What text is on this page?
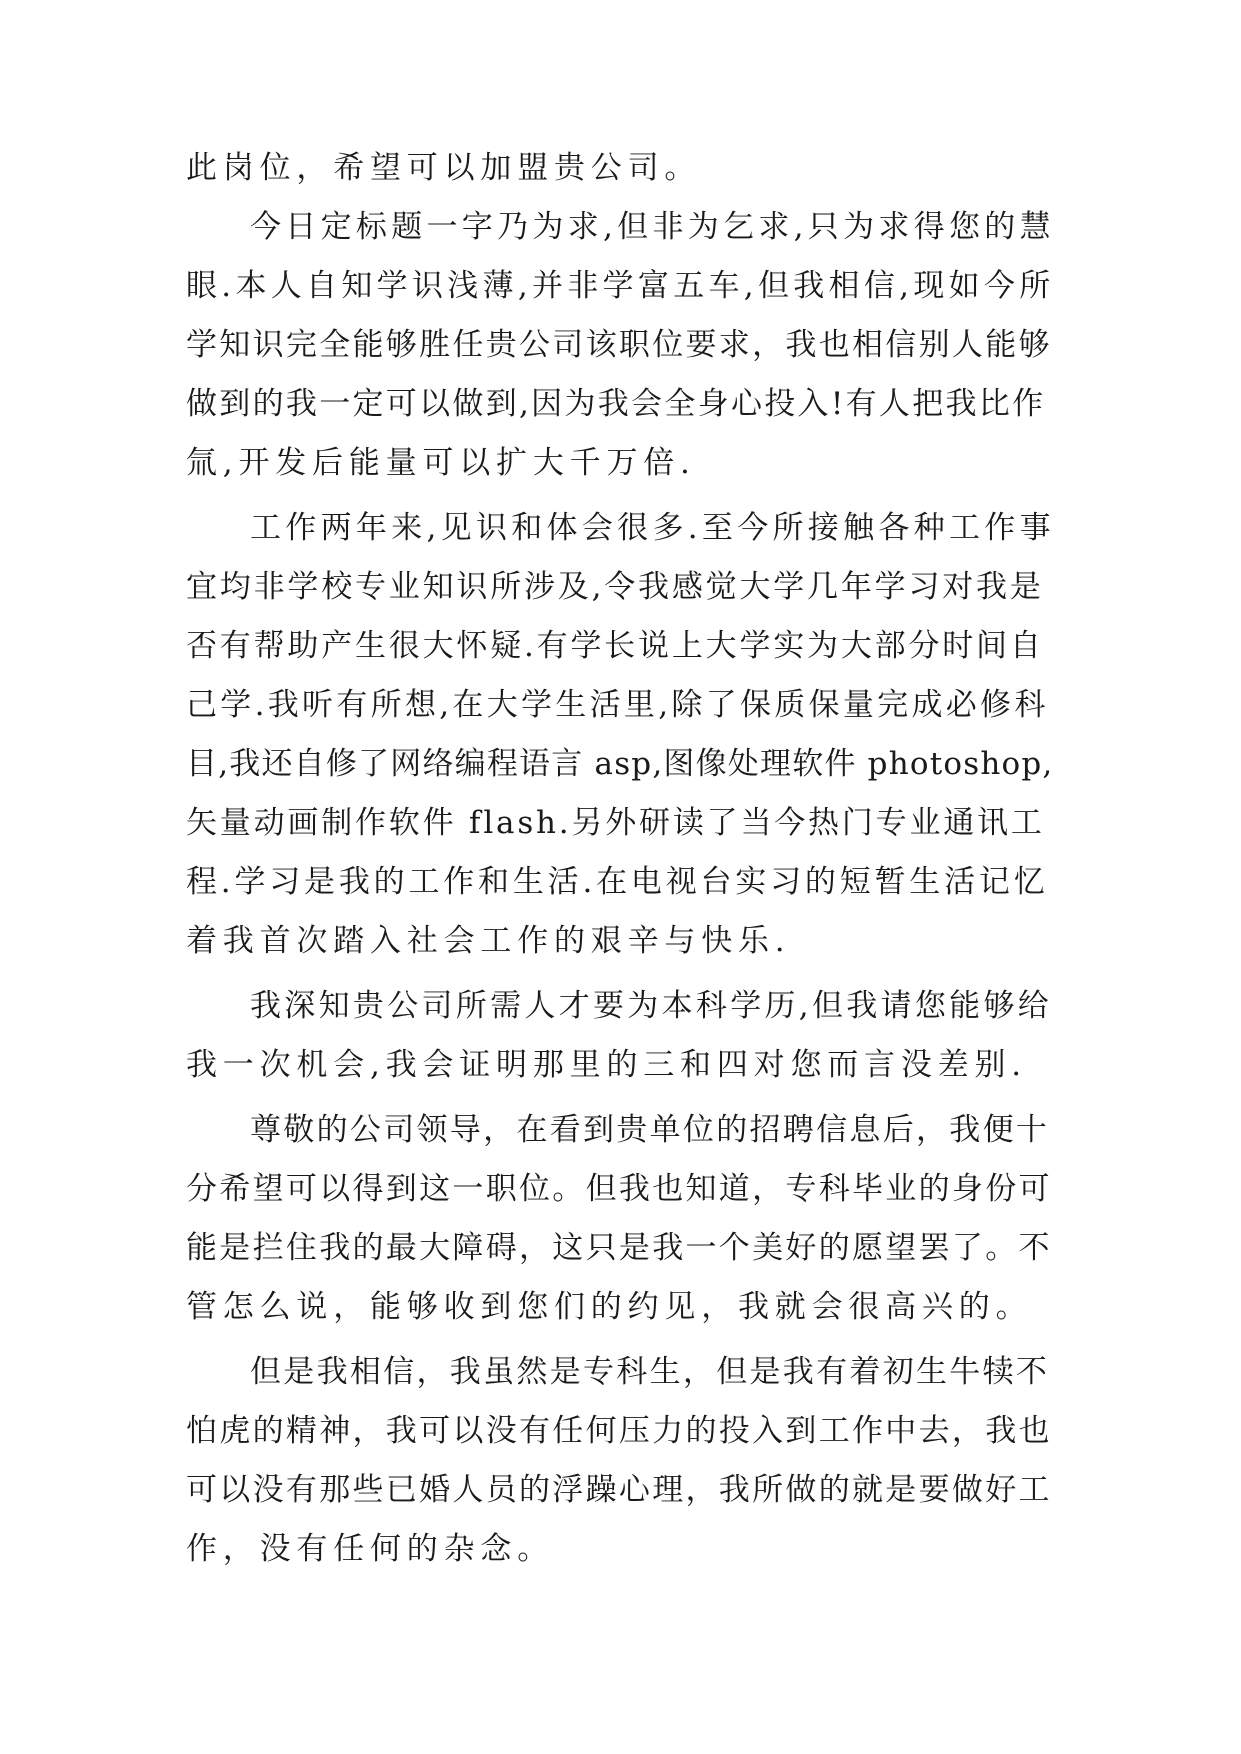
此岗位，希望可以加盟贵公司。
今日定标题一字乃为求,但非为乞求,只为求得您的慧
眼.本人自知学识浅薄,并非学富五车,但我相信,现如今所
学知识完全能够胜任贵公司该职位要求，我也相信别人能够
做到的我一定可以做到,因为我会全身心投入!有人把我比作
氚,开发后能量可以扩大千万倍.
工作两年来,见识和体会很多.至今所接触各种工作事
宜均非学校专业知识所涉及,令我感觉大学几年学习对我是
否有帮助产生很大怀疑.有学长说上大学实为大部分时间自
己学.我听有所想,在大学生活里,除了保质保量完成必修科
目,我还自修了网络编程语言 asp,图像处理软件 photoshop,
矢量动画制作软件 flash.另外研读了当今热门专业通讯工
程.学习是我的工作和生活.在电视台实习的短暂生活记忆
着我首次踏入社会工作的艰辛与快乐.
我深知贵公司所需人才要为本科学历,但我请您能够给
我一次机会,我会证明那里的三和四对您而言没差别.
尊敬的公司领导，在看到贵单位的招聘信息后，我便十
分希望可以得到这一职位。但我也知道，专科毕业的身份可
能是拦住我的最大障碍，这只是我一个美好的愿望罢了。不
管怎么说，能够收到您们的约见，我就会很高兴的。
但是我相信，我虽然是专科生，但是我有着初生牛犊不
怕虎的精神，我可以没有任何压力的投入到工作中去，我也
可以没有那些已婚人员的浮躁心理，我所做的就是要做好工
作，没有任何的杂念。
